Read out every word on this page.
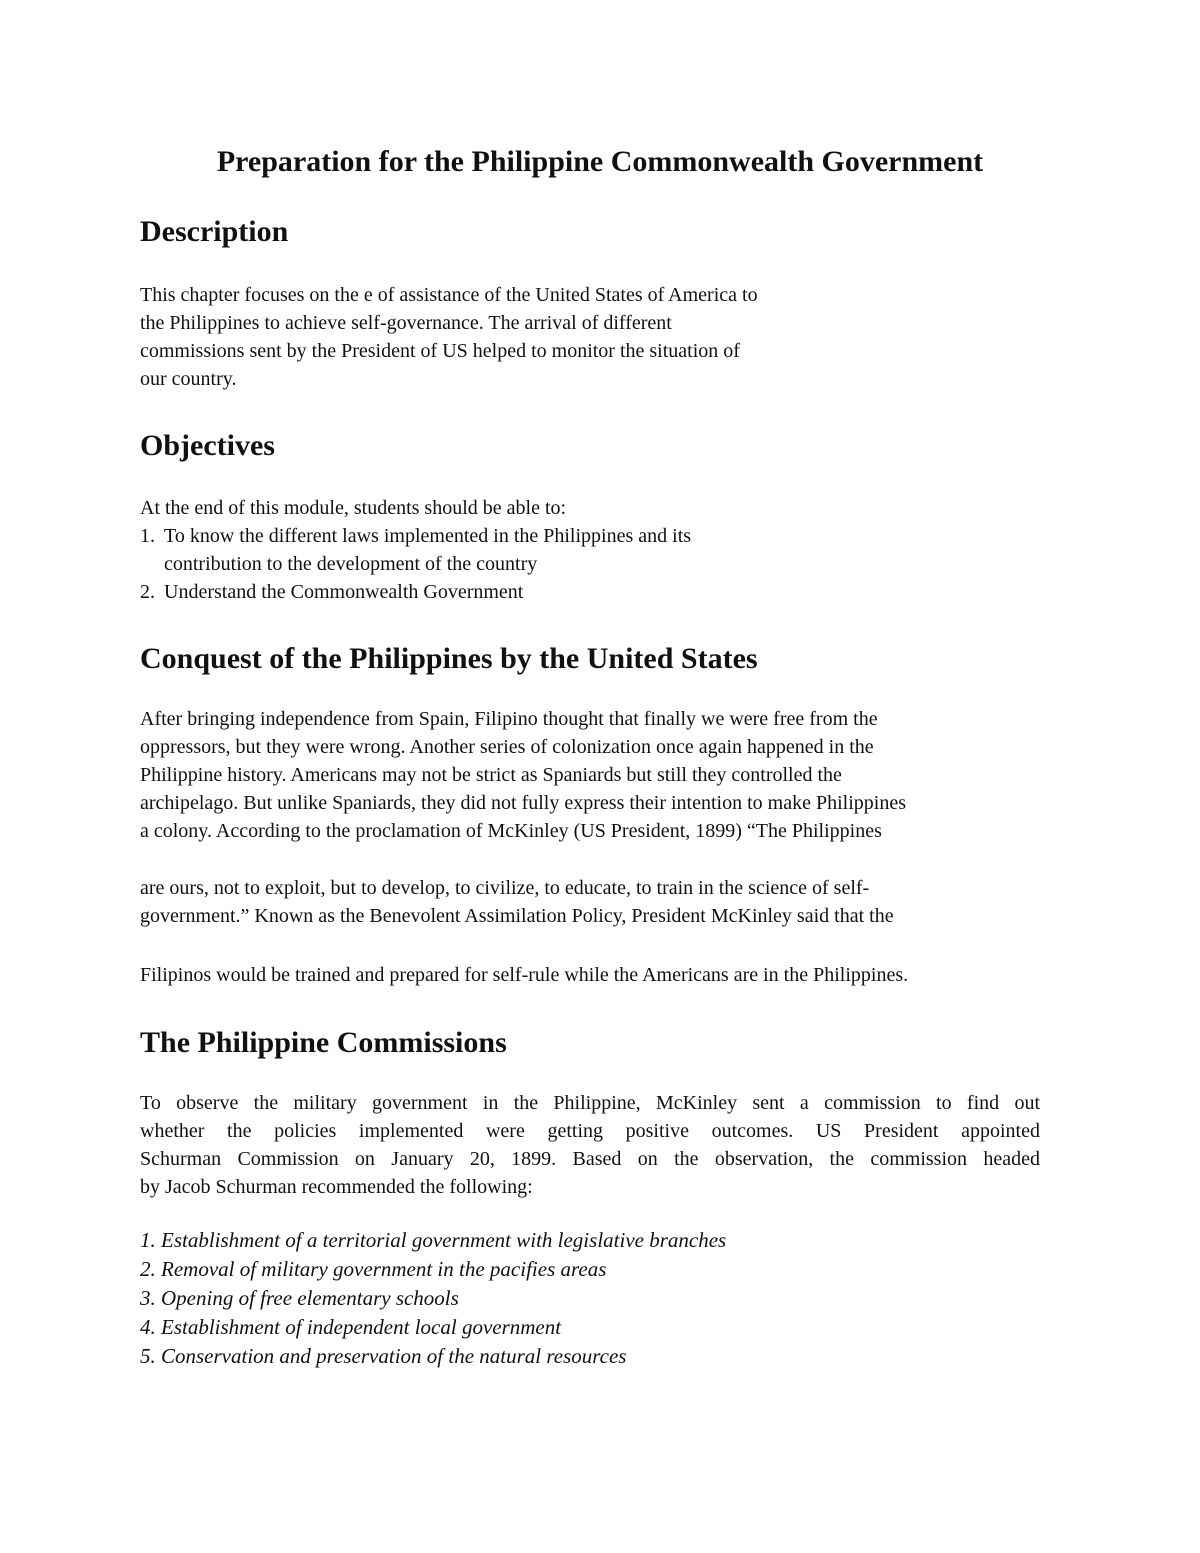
Preparation for the Philippine Commonwealth Government
Description
This chapter focuses on the e of assistance of the United States of America to
the Philippines to achieve self-governance. The arrival of different
commissions sent by the President of US helped to monitor the situation of
our country.
Objectives
At the end of this module, students should be able to:
1. To know the different laws implemented in the Philippines and its
contribution to the development of the country
2. Understand the Commonwealth Government
Conquest of the Philippines by the United States
After bringing independence from Spain, Filipino thought that finally we were free from the
oppressors, but they were wrong. Another series of colonization once again happened in the
Philippine history. Americans may not be strict as Spaniards but still they controlled the
archipelago. But unlike Spaniards, they did not fully express their intention to make Philippines
a colony. According to the proclamation of McKinley (US President, 1899) “The Philippines
are ours, not to exploit, but to develop, to civilize, to educate, to train in the science of self-
government.” Known as the Benevolent Assimilation Policy, President McKinley said that the
Filipinos would be trained and prepared for self-rule while the Americans are in the Philippines.
The Philippine Commissions
To observe the military government in the Philippine, McKinley sent a commission to find out
whether the policies implemented were getting positive outcomes. US President appointed
Schurman Commission on January 20, 1899. Based on the observation, the commission headed
by Jacob Schurman recommended the following:
1. Establishment of a territorial government with legislative branches
2. Removal of military government in the pacifies areas
3. Opening of free elementary schools
4. Establishment of independent local government
5. Conservation and preservation of the natural resources
